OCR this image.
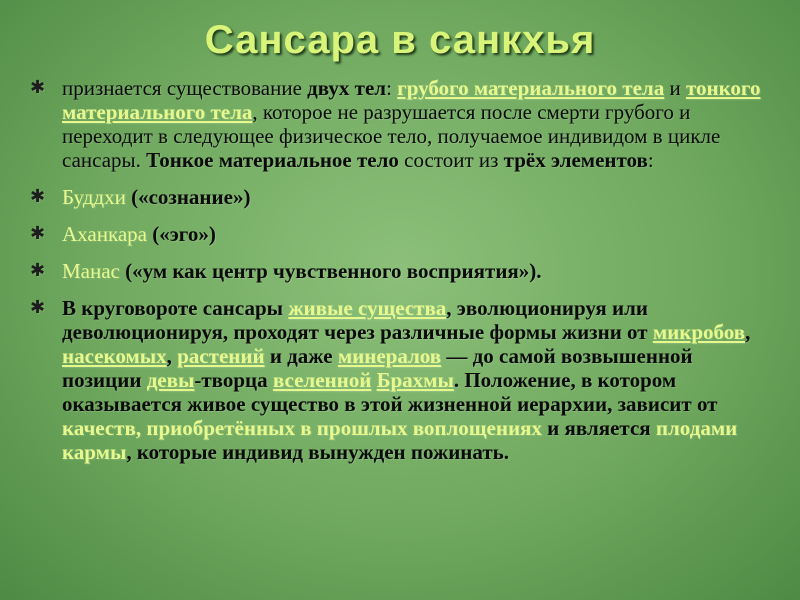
Сансара в санкхья
✱ признается существование двух тел: грубого материального тела и тонкого материального тела, которое не разрушается после смерти грубого и переходит в следующее физическое тело, получаемое индивидом в цикле сансары. Тонкое материальное тело состоит из трёх элементов:
✱ Буддхи («сознание»)
✱ Аханкара («эго»)
✱ Манас («ум как центр чувственного восприятия»).
✱ В круговороте сансары живые существа, эволюционируя или деволюционируя, проходят через различные формы жизни от микробов, насекомых, растений и даже минералов — до самой возвышенной позиции девы-творца вселенной Брахмы. Положение, в котором оказывается живое существо в этой жизненной иерархии, зависит от качеств, приобретённых в прошлых воплощениях и является плодами кармы, которые индивид вынужден пожинать.
